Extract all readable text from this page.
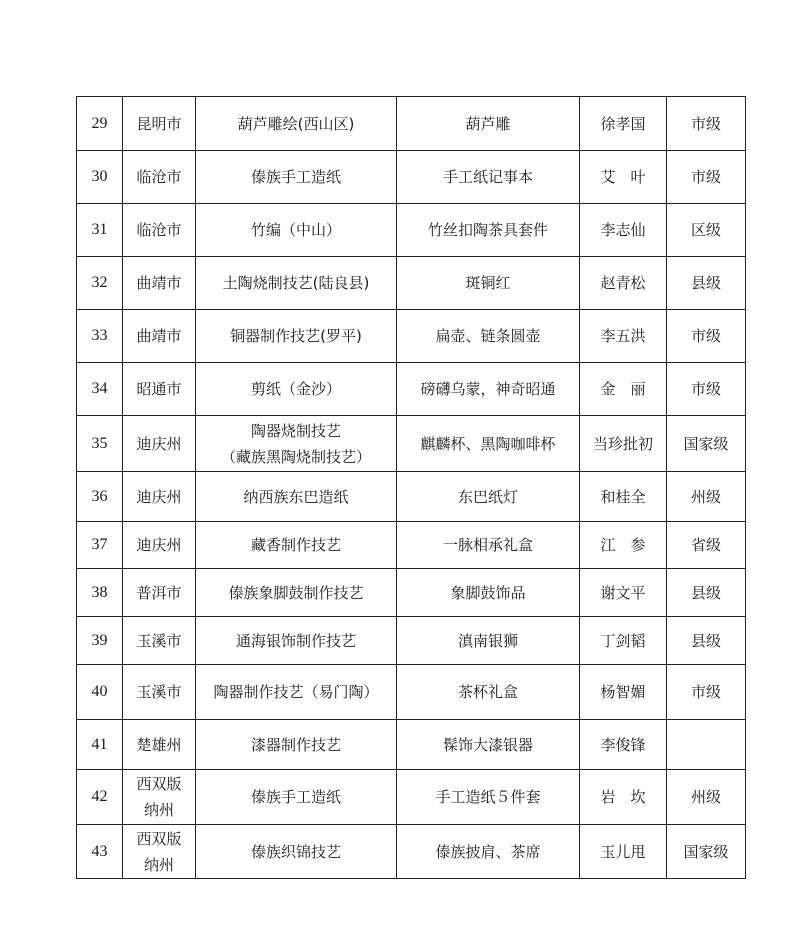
29	昆明市	葫芦雕绘(西山区)	葫芦雕	徐孝国	市级
30	临沧市	傣族手工造纸	手工纸记事本	艾　叶	市级
31	临沧市	竹编（中山）	竹丝扣陶茶具套件	李志仙	区级
32	曲靖市	土陶烧制技艺(陆良县)	斑铜红	赵青松	县级
33	曲靖市	铜器制作技艺(罗平)	扁壶、链条圆壶	李五洪	市级
34	昭通市	剪纸（金沙）	磅礴乌蒙，神奇昭通	金　丽	市级
35	迪庆州	陶器烧制技艺
（藏族黑陶烧制技艺）	麒麟杯、黑陶咖啡杯	当珍批初	国家级
36	迪庆州	纳西族东巴造纸	东巴纸灯	和桂全	州级
37	迪庆州	藏香制作技艺	一脉相承礼盒	江　参	省级
38	普洱市	傣族象脚鼓制作技艺	象脚鼓饰品	谢文平	县级
39	玉溪市	通海银饰制作技艺	滇南银狮	丁剑韬	县级
40	玉溪市	陶器制作技艺（易门陶）	茶杯礼盒	杨智媚	市级
41	楚雄州	漆器制作技艺	髹饰大漆银器	李俊锋	
42	西双版
纳州	傣族手工造纸	手工造纸５件套	岩　坎	州级
43	西双版
纳州	傣族织锦技艺	傣族披肩、茶席	玉儿甩	国家级
